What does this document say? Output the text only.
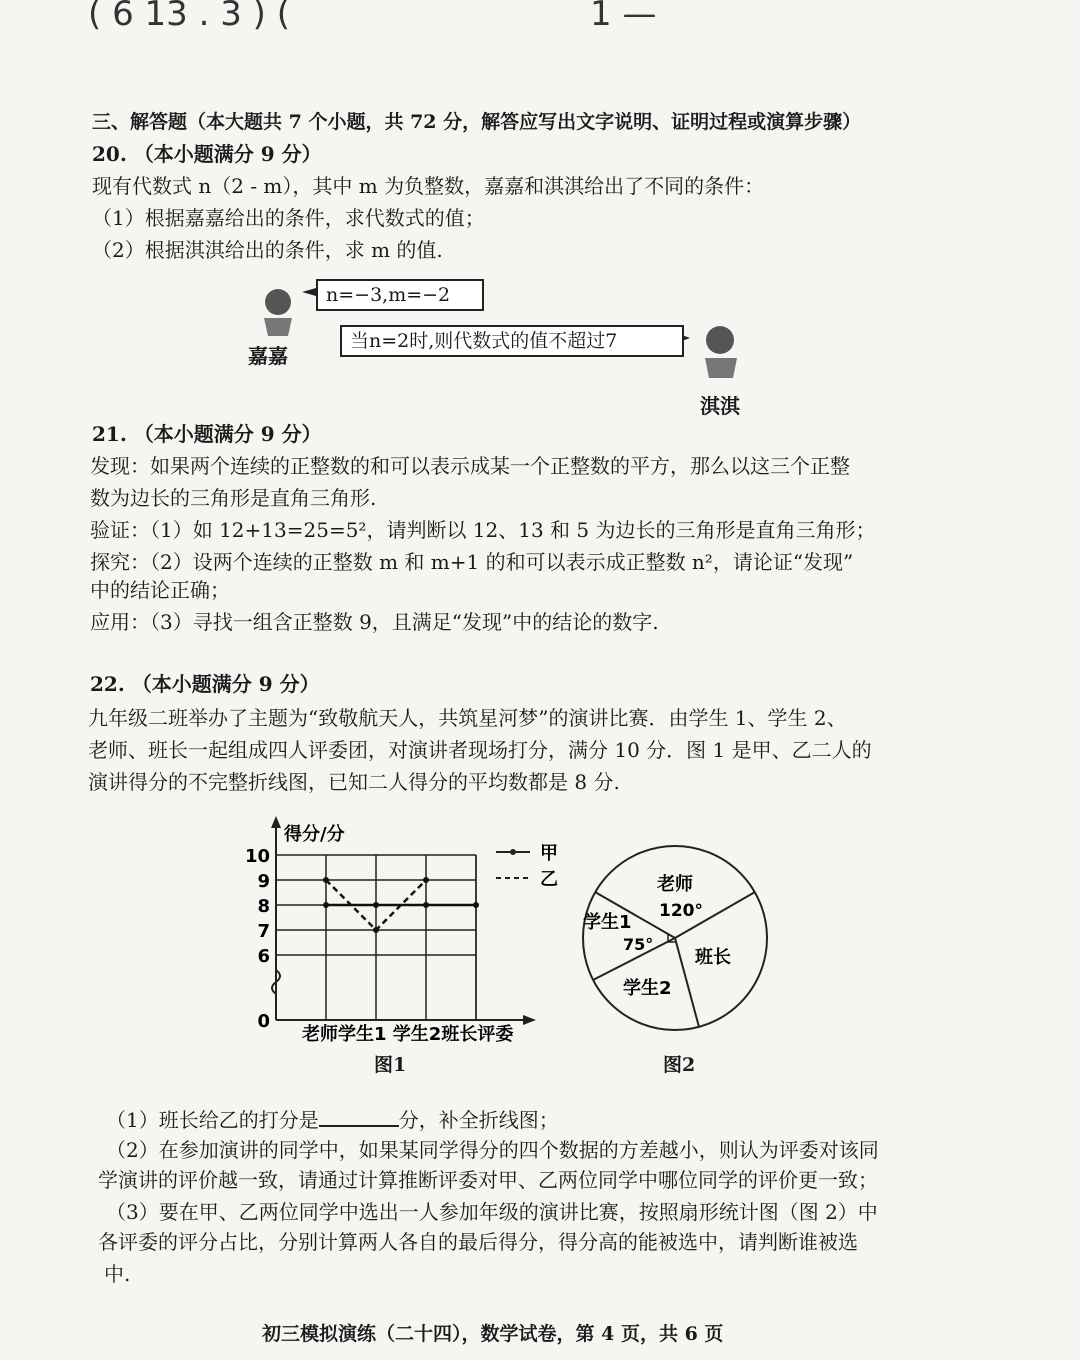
( 6 13 . 3 ) (	1 —
三、解答题（本大题共 7 个小题，共 72 分，解答应写出文字说明、证明过程或演算步骤）
20. （本小题满分 9 分）
现有代数式 n（2 - m），其中 m 为负整数，嘉嘉和淇淇给出了不同的条件：
（1）根据嘉嘉给出的条件，求代数式的值；
（2）根据淇淇给出的条件，求 m 的值.
n=−3,m=−2
当n=2时,则代数式的值不超过7
嘉嘉
淇淇
21. （本小题满分 9 分）
发现：如果两个连续的正整数的和可以表示成某一个正整数的平方，那么以这三个正整
数为边长的三角形是直角三角形.
验证：（1）如 12+13=25=5²，请判断以 12、13 和 5 为边长的三角形是直角三角形；
探究：（2）设两个连续的正整数 m 和 m+1 的和可以表示成正整数 n²，请论证“发现”
中的结论正确；
应用：（3）寻找一组含正整数 9，且满足“发现”中的结论的数字.
22. （本小题满分 9 分）
九年级二班举办了主题为“致敬航天人，共筑星河梦”的演讲比赛．由学生 1、学生 2、
老师、班长一起组成四人评委团，对演讲者现场打分，满分 10 分．图 1 是甲、乙二人的
演讲得分的不完整折线图，已知二人得分的平均数都是 8 分.
得分/分
10
9
8
7
6
0
甲
乙
老师学生1 学生2班长评委
图1
老师
120°
学生1
75°
班长
学生2
图2
（1）班长给乙的打分是	分，补全折线图；
（2）在参加演讲的同学中，如果某同学得分的四个数据的方差越小，则认为评委对该同
学演讲的评价越一致，请通过计算推断评委对甲、乙两位同学中哪位同学的评价更一致；
（3）要在甲、乙两位同学中选出一人参加年级的演讲比赛，按照扇形统计图（图 2）中
各评委的评分占比，分别计算两人各自的最后得分，得分高的能被选中，请判断谁被选
中.
初三模拟演练（二十四），数学试卷，第 4 页，共 6 页
